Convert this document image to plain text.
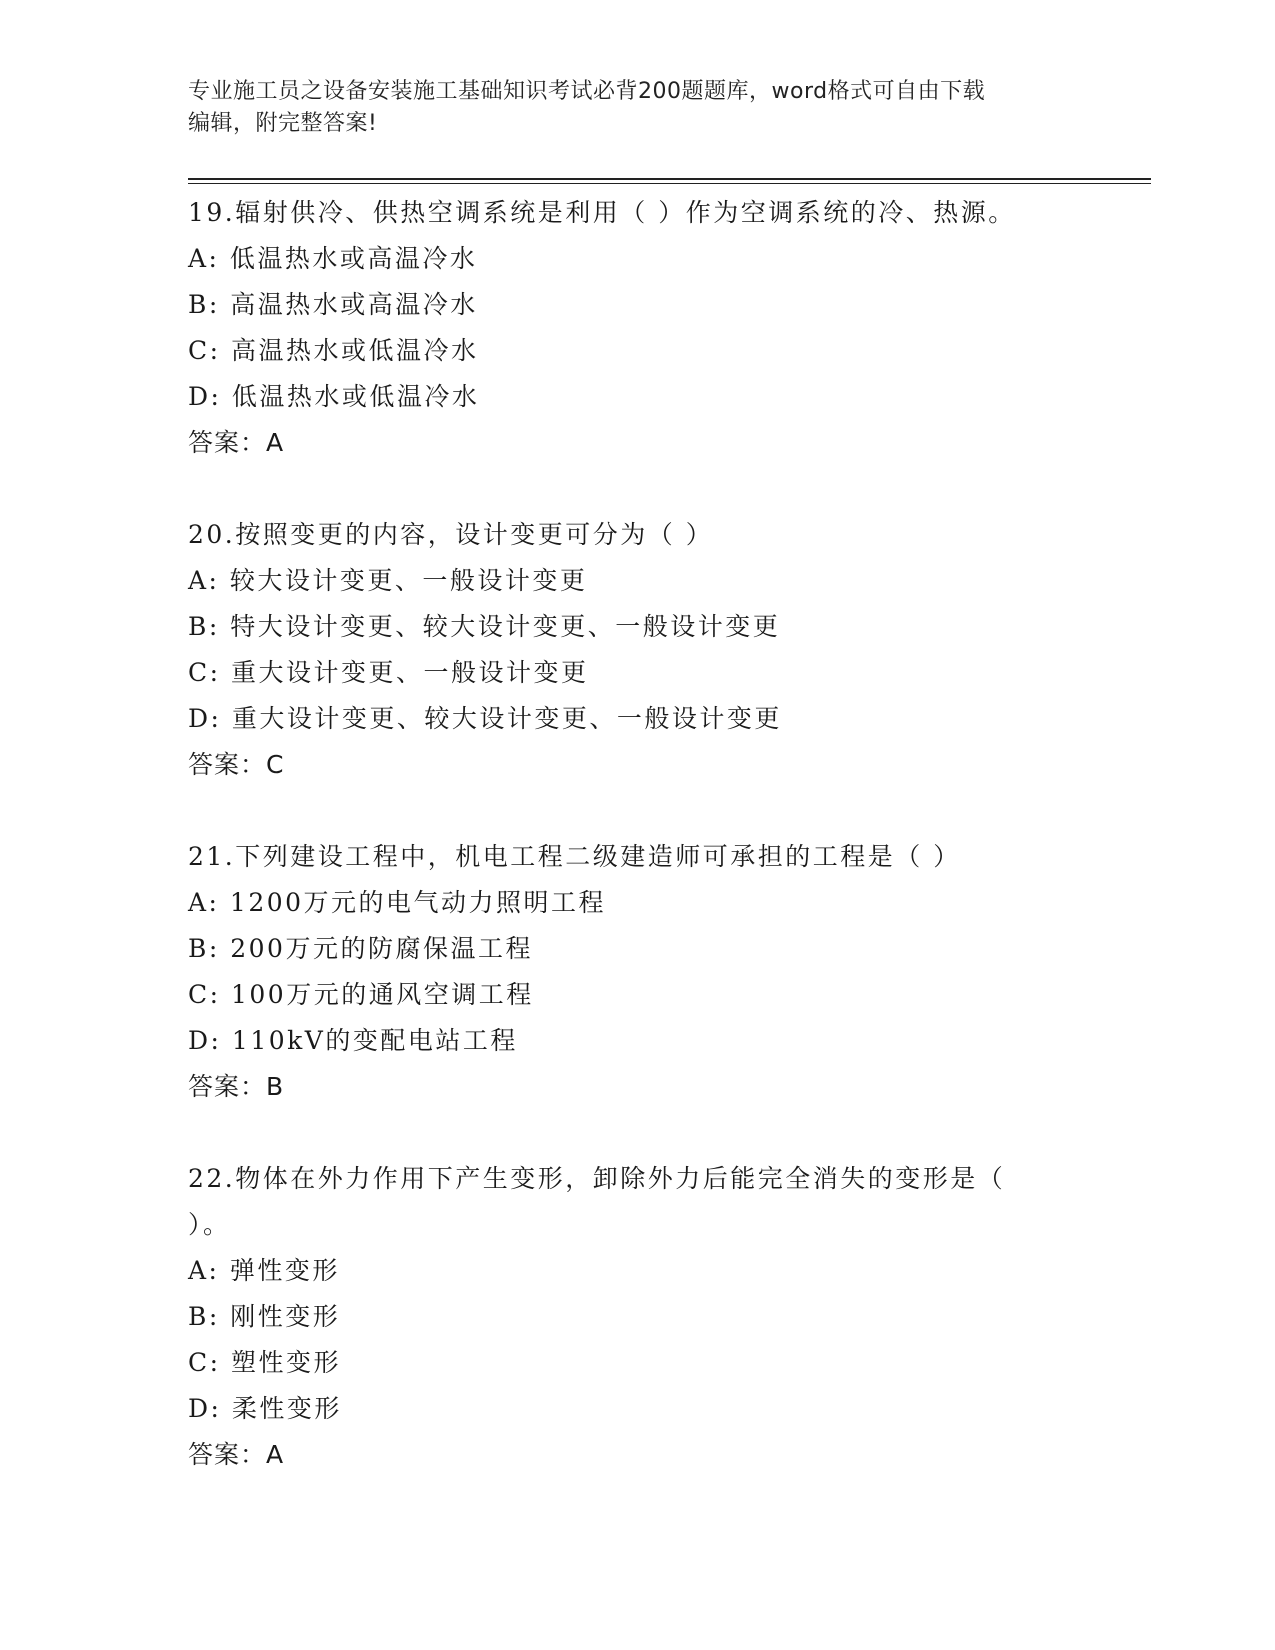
专业施工员之设备安装施工基础知识考试必背200题题库，word格式可自由下载
编辑，附完整答案!

19.辐射供冷、供热空调系统是利用（ ）作为空调系统的冷、热源。

A: 低温热水或高温冷水

B: 高温热水或高温冷水

C: 高温热水或低温冷水

D: 低温热水或低温冷水

答案：A

20.按照变更的内容，设计变更可分为（ ）

A: 较大设计变更、一般设计变更

B: 特大设计变更、较大设计变更、一般设计变更

C: 重大设计变更、一般设计变更

D: 重大设计变更、较大设计变更、一般设计变更

答案：C

21.下列建设工程中，机电工程二级建造师可承担的工程是（ ）

A: 1200万元的电气动力照明工程

B: 200万元的防腐保温工程

C: 100万元的通风空调工程

D: 110kV的变配电站工程

答案：B

22.物体在外力作用下产生变形，卸除外力后能完全消失的变形是（ ）。

A: 弹性变形

B: 刚性变形

C: 塑性变形

D: 柔性变形

答案：A
